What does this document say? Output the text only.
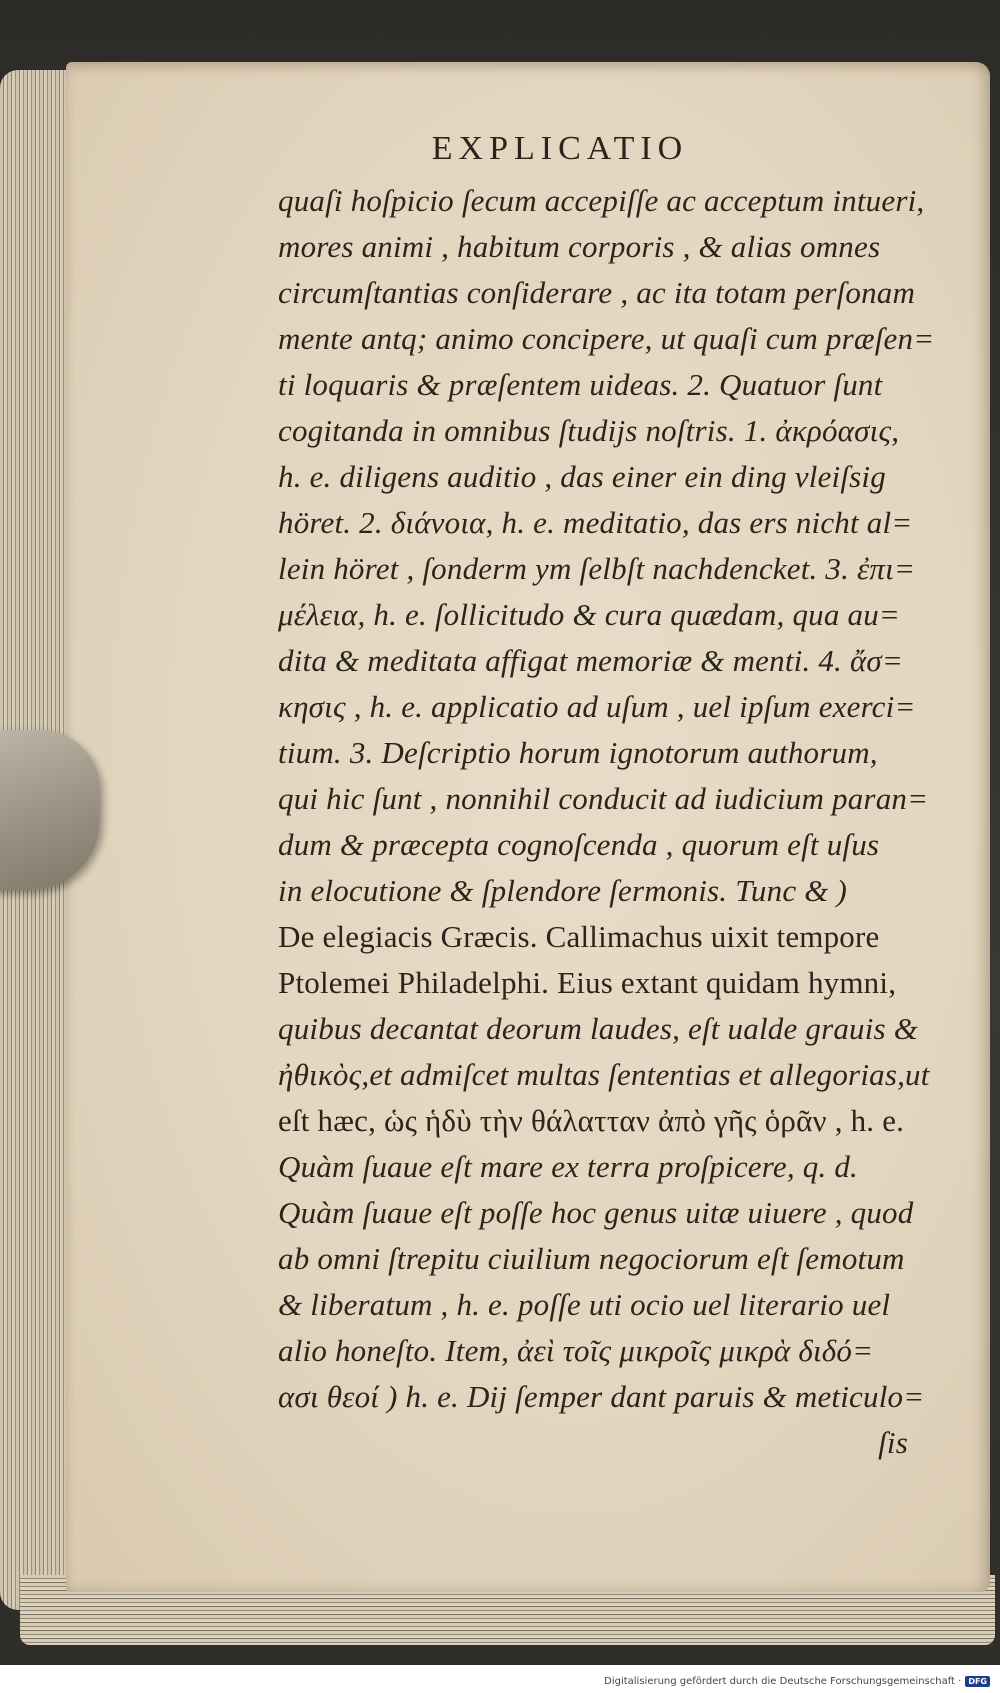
EXPLICATIO
quaſi hoſpicio ſecum accepiſſe ac acceptum intueri,
mores animi , habitum corporis , & alias omnes
circumſtantias conſiderare , ac ita totam perſonam
mente antq; animo concipere, ut quaſi cum præſen=
ti loquaris & præſentem uideas. 2. Quatuor ſunt
cogitanda in omnibus ſtudijs noſtris. 1. ἀκρόασις,
h. e. diligens auditio , das einer ein ding vleiſsig
höret. 2. διάνοια, h. e. meditatio, das ers nicht al=
lein höret , ſonderm ym ſelbſt nachdencket. 3. ἐπι=
μέλεια, h. e. ſollicitudo & cura quædam, qua au=
dita & meditata affigat memoriæ & menti. 4. ἄσ=
κησις , h. e. applicatio ad uſum , uel ipſum exerci=
tium. 3. Deſcriptio horum ignotorum authorum,
qui hic ſunt , nonnihil conducit ad iudicium paran=
dum & præcepta cognoſcenda , quorum eſt uſus
in elocutione & ſplendore ſermonis. Tunc & )
De elegiacis Græcis. Callimachus uixit tempore
Ptolemei Philadelphi. Eius extant quidam hymni,
quibus decantat deorum laudes, eſt ualde grauis &
ἠθικὸς,et admiſcet multas ſententias et allegorias,ut
eſt hæc, ὡς ἡδὺ τὴν θάλατταν ἀπὸ γῆς ὁρᾶν , h. e.
Quàm ſuaue eſt mare ex terra proſpicere, q. d.
Quàm ſuaue eſt poſſe hoc genus uitæ uiuere , quod
ab omni ſtrepitu ciuilium negociorum eſt ſemotum
& liberatum , h. e. poſſe uti ocio uel literario uel
alio honeſto. Item, ἀεὶ τοῖς μικροῖς μικρὰ διδό=
ασι θεοί ) h. e. Dij ſemper dant paruis & meticulo=
ſis
Digitalisierung gefördert durch die Deutsche Forschungsgemeinschaft · DFG
